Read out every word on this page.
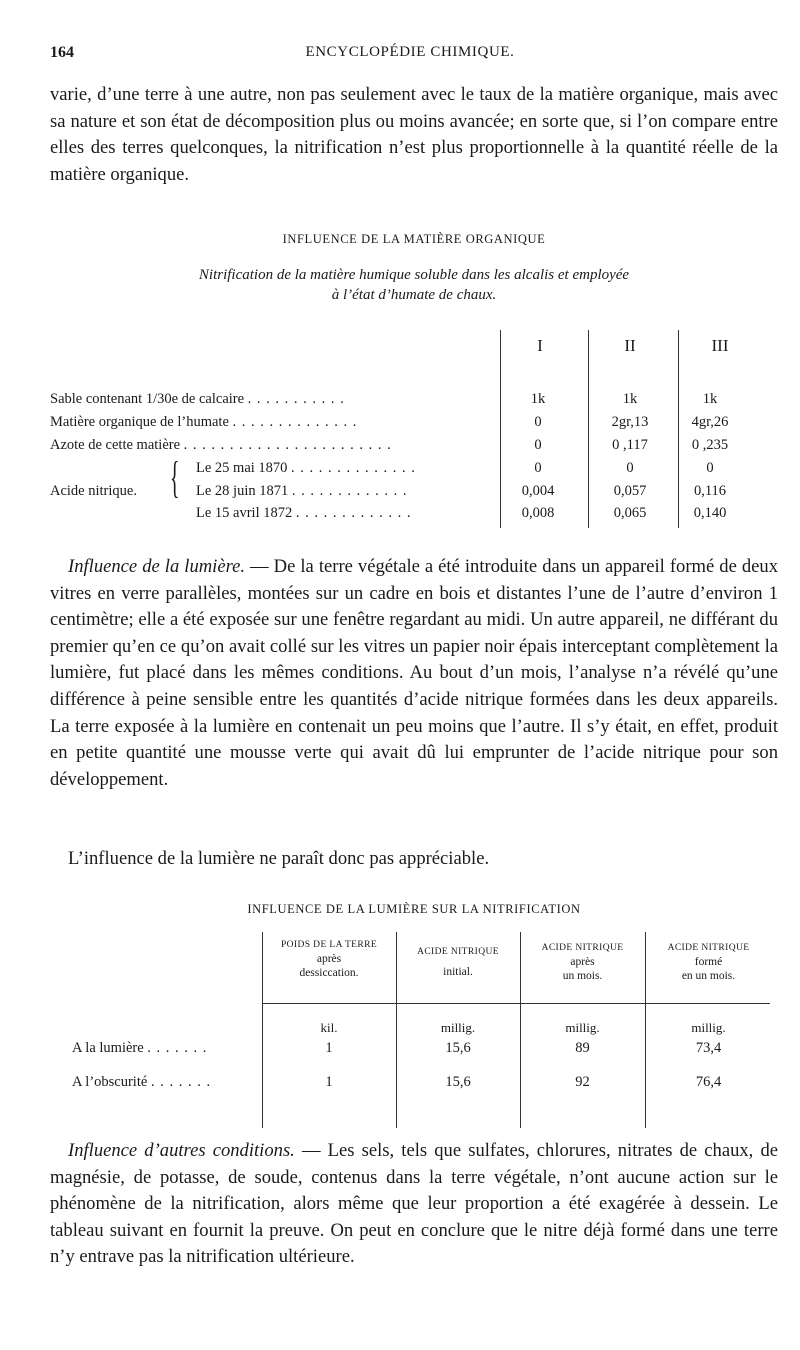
164	ENCYCLOPÉDIE CHIMIQUE.

varie, d’une terre à une autre, non pas seulement avec le taux de la matière organique, mais avec sa nature et son état de décomposition plus ou moins avancée; en sorte que, si l’on compare entre elles des terres quelconques, la nitrification n’est plus proportionnelle à la quantité réelle de la matière organique.

INFLUENCE DE LA MATIÈRE ORGANIQUE
Nitrification de la matière humique soluble dans les alcalis et employée
à l’état d’humate de chaux.
I	II	III
Sable contenant 1/30e de calcaire . . . . . . . . . . .	1k	1k	1k
Matière organique de l’humate . . . . . . . . . . . . . .	0	2gr,13	4gr,26
Azote de cette matière . . . . . . . . . . . . . . . . . . . . . . .	0	0 ,117	0 ,235
Acide nitrique. { Le 25 mai 1870 . . . . . . . . . . . . . .	0	0	0
Le 28 juin 1871 . . . . . . . . . . . . .	0,004	0,057	0,116
Le 15 avril 1872 . . . . . . . . . . . . .	0,008	0,065	0,140

Influence de la lumière. — De la terre végétale a été introduite dans un appareil formé de deux vitres en verre parallèles, montées sur un cadre en bois et distantes l’une de l’autre d’environ 1 centimètre; elle a été exposée sur une fenêtre regardant au midi. Un autre appareil, ne différant du premier qu’en ce qu’on avait collé sur les vitres un papier noir épais interceptant complètement la lumière, fut placé dans les mêmes conditions. Au bout d’un mois, l’analyse n’a révélé qu’une différence à peine sensible entre les quantités d’acide nitrique formées dans les deux appareils. La terre exposée à la lumière en contenait un peu moins que l’autre. Il s’y était, en effet, produit en petite quantité une mousse verte qui avait dû lui emprunter de l’acide nitrique pour son développement.

L’influence de la lumière ne paraît donc pas appréciable.

INFLUENCE DE LA LUMIÈRE SUR LA NITRIFICATION
POIDS DE LA TERRE
après
dessiccation.
ACIDE NITRIQUE
initial.
ACIDE NITRIQUE
après
un mois.
ACIDE NITRIQUE
formé
en un mois.
kil.	millig.	millig.	millig.
A la lumière . . . . . . .	1	15,6	89	73,4
A l’obscurité . . . . . . .	1	15,6	92	76,4

Influence d’autres conditions. — Les sels, tels que sulfates, chlorures, nitrates de chaux, de magnésie, de potasse, de soude, contenus dans la terre végétale, n’ont aucune action sur le phénomène de la nitrification, alors même que leur proportion a été exagérée à dessein. Le tableau suivant en fournit la preuve. On peut en conclure que le nitre déjà formé dans une terre n’y entrave pas la nitrification ultérieure.
